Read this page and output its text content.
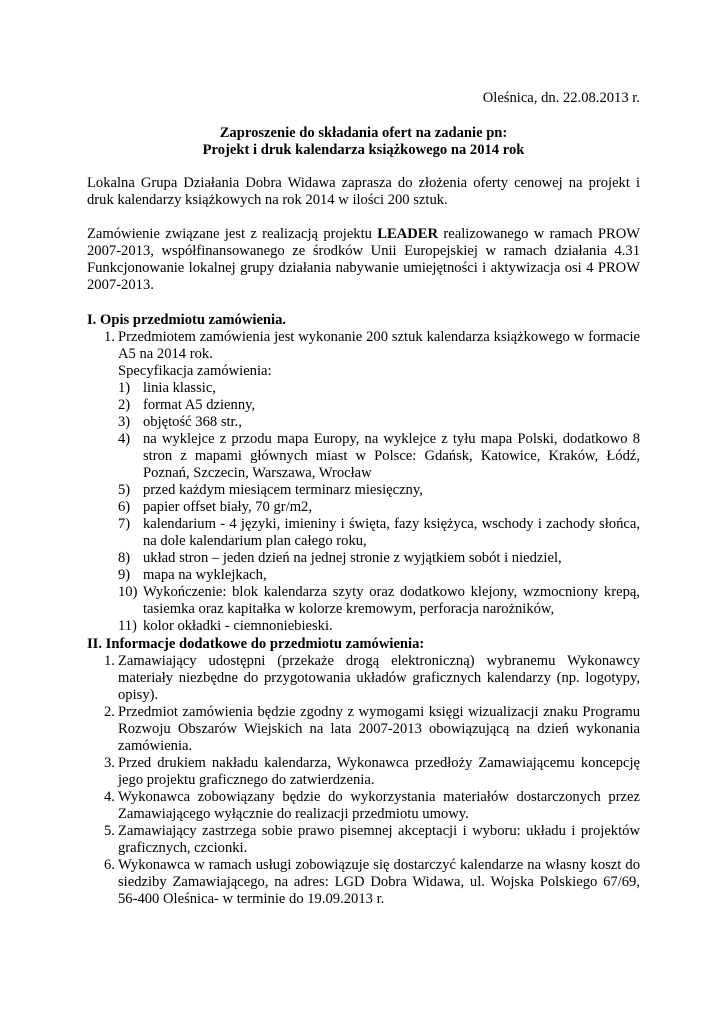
Oleśnica, dn. 22.08.2013 r.

Zaproszenie do składania ofert na zadanie pn:

Projekt i druk kalendarza książkowego na 2014 rok

Lokalna Grupa Działania Dobra Widawa zaprasza do złożenia oferty cenowej na projekt i druk kalendarzy książkowych na rok 2014 w ilości 200 sztuk.

Zamówienie związane jest z realizacją projektu LEADER realizowanego w ramach PROW 2007-2013, współfinansowanego ze środków Unii Europejskiej w ramach działania 4.31 Funkcjonowanie lokalnej grupy działania nabywanie umiejętności i aktywizacja osi 4 PROW 2007-2013.

I. Opis przedmiotu zamówienia.

1. Przedmiotem zamówienia jest wykonanie 200 sztuk kalendarza książkowego w formacie A5 na 2014 rok.
Specyfikacja zamówienia:
1) linia klassic,
2) format A5 dzienny,
3) objętość 368 str.,
4) na wyklejce z przodu mapa Europy, na wyklejce z tyłu mapa Polski, dodatkowo 8 stron z mapami głównych miast w Polsce: Gdańsk, Katowice, Kraków, Łódź, Poznań, Szczecin, Warszawa, Wrocław
5) przed każdym miesiącem terminarz miesięczny,
6) papier offset biały, 70 gr/m2,
7) kalendarium - 4 języki, imieniny i święta, fazy księżyca, wschody i zachody słońca, na dole kalendarium plan całego roku,
8) układ stron – jeden dzień na jednej stronie z wyjątkiem sobót i niedziel,
9) mapa na wyklejkach,
10) Wykończenie: blok kalendarza szyty oraz dodatkowo klejony, wzmocniony krepą, tasiemka oraz kapitałka w kolorze kremowym, perforacja narożników,
11) kolor okładki - ciemnoniebieski.

II. Informacje dodatkowe do przedmiotu zamówienia:

1. Zamawiający udostępni (przekaże drogą elektroniczną) wybranemu Wykonawcy materiały niezbędne do przygotowania układów graficznych kalendarzy (np. logotypy, opisy).
2. Przedmiot zamówienia będzie zgodny z wymogami księgi wizualizacji znaku Programu Rozwoju Obszarów Wiejskich na lata 2007-2013 obowiązującą na dzień wykonania zamówienia.
3. Przed drukiem nakładu kalendarza, Wykonawca przedłoży Zamawiającemu koncepcję jego projektu graficznego do zatwierdzenia.
4. Wykonawca zobowiązany będzie do wykorzystania materiałów dostarczonych przez Zamawiającego wyłącznie do realizacji przedmiotu umowy.
5. Zamawiający zastrzega sobie prawo pisemnej akceptacji i wyboru: układu i projektów graficznych, czcionki.
6. Wykonawca w ramach usługi zobowiązuje się dostarczyć kalendarze na własny koszt do siedziby Zamawiającego, na adres: LGD Dobra Widawa, ul. Wojska Polskiego 67/69, 56-400 Oleśnica- w terminie do 19.09.2013 r.
